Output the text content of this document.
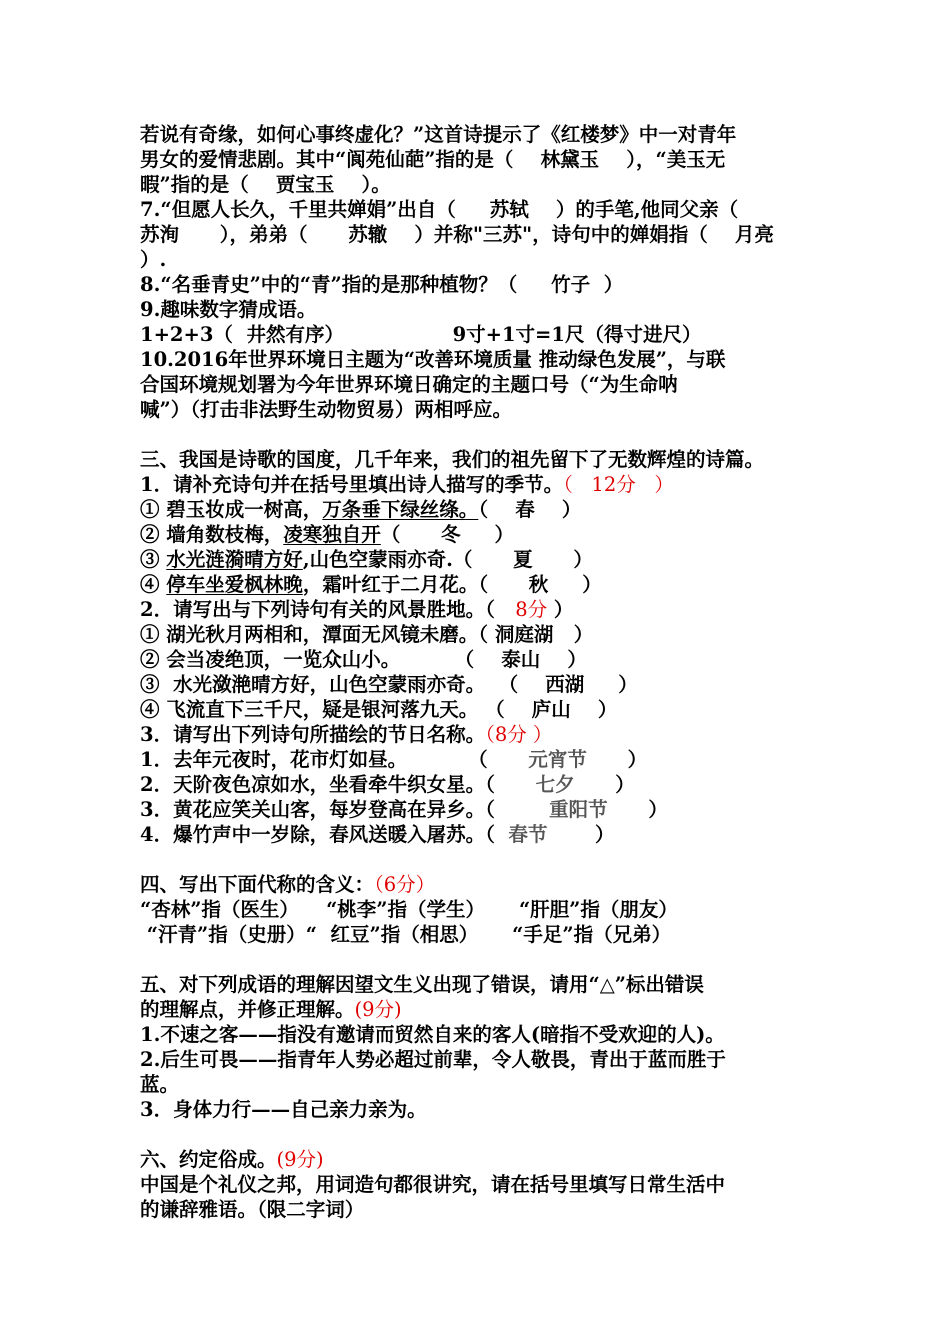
若说有奇缘，如何心事终虚化？”这首诗提示了《红楼梦》中一对青年
男女的爱情悲剧。其中“阆苑仙葩”指的是（    林黛玉    ），“美玉无
暇”指的是（    贾宝玉    ）。
7.“但愿人长久，千里共婵娟”出自（     苏轼    ）的手笔,他同父亲（
苏洵      ），弟弟（      苏辙    ）并称"三苏"，诗句中的婵娟指（    月亮
）.
8.“名垂青史”中的“青”指的是那种植物？（     竹子  ）
9.趣味数字猜成语。
1+2+3（  井然有序）                9寸+1寸=1尺（得寸进尺）
10.2016年世界环境日主题为“改善环境质量 推动绿色发展”，与联
合国环境规划署为今年世界环境日确定的主题口号（“为生命呐
喊”）（打击非法野生动物贸易）两相呼应。
三、我国是诗歌的国度，几千年来，我们的祖先留下了无数辉煌的诗篇。
1．请补充诗句并在括号里填出诗人描写的季节。（   12分   ）
① 碧玉妆成一树高，万条垂下绿丝绦。（    春    ）
② 墙角数枝梅，凌寒独自开（      冬     ）
③ 水光涟漪晴方好,山色空蒙雨亦奇.（      夏      ）
④ 停车坐爱枫林晚，霜叶红于二月花。（      秋     ）
2．请写出与下列诗句有关的风景胜地。（   8分 ）
① 湖光秋月两相和，潭面无风镜未磨。（ 洞庭湖   ）
② 会当凌绝顶，一览众山小。        （    泰山    ）
③  水光潋滟晴方好，山色空蒙雨亦奇。  （    西湖     ）
④ 飞流直下三千尺，疑是银河落九天。 （    庐山    ）
3．请写出下列诗句所描绘的节日名称。（8分 ）
1．去年元夜时，花市灯如昼。         （      元宵节      ）
2．天阶夜色凉如水，坐看牵牛织女星。（      七夕      ）
3．黄花应笑关山客，每岁登高在异乡。（        重阳节      ）
4．爆竹声中一岁除，春风送暖入屠苏。（  春节       ）
四、写出下面代称的含义：（6分）
“杏林”指（医生）    “桃李”指（学生）     “肝胆”指（朋友）
“汗青”指（史册）“  红豆”指（相思）     “手足”指（兄弟）
五、对下列成语的理解因望文生义出现了错误，请用“△”标出错误
的理解点，并修正理解。(9分)
1.不速之客——指没有邀请而贸然自来的客人(暗指不受欢迎的人)。
2.后生可畏——指青年人势必超过前辈，令人敬畏，青出于蓝而胜于
蓝。
3．身体力行——自己亲力亲为。
六、约定俗成。(9分)
中国是个礼仪之邦，用词造句都很讲究，请在括号里填写日常生活中
的谦辞雅语。（限二字词）
